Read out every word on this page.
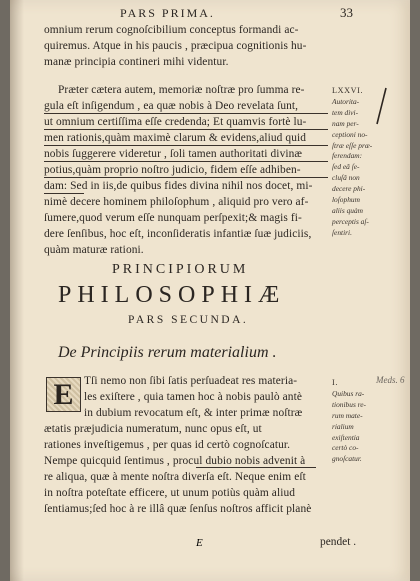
PARS PRIMA.	33
omnium rerum cognoſcibilium conceptus formandi ac-
quiremus. Atque in his paucis , præcipua cognitionis hu-
manæ principia contineri mihi videntur.
Præter cætera autem, memoriæ noſtræ pro ſumma re-
gula eſt inſigendum , ea quæ nobis à Deo revelata ſunt,
ut omnium certiſſima eſſe credenda; Et quamvis fortè lu-
men rationis,quàm maximè clarum & evidens,aliud quid
nobis ſuggerere videretur , ſoli tamen authoritati divinæ
potius,quàm proprio noſtro judicio, fidem eſſe adhiben-
dam: Sed in iis,de quibus fides divina nihil nos docet, mi-
nimè decere hominem philoſophum , aliquid pro vero af-
ſumere,quod verum eſſe nunquam perſpexit;& magis fi-
dere ſenſibus, hoc eſt, inconſideratis infantiæ ſuæ judiciis,
quàm maturæ rationi.
LXXVI.
Autorita-
tem divi-
nam per-
ceptioni no-
ſtræ eſſe præ-
ferendam:
ſed eâ ſe-
cluſâ non
decere phi-
loſophum
aliis quàm
perceptis aſ-
ſentiri.
PRINCIPIORUM
PHILOSOPHIÆ
PARS SECUNDA.
De Principiis rerum materialium .
E Tſi nemo non ſibi ſatis perſuadeat res materia-
les exiſtere , quia tamen hoc à nobis paulò antè
in dubium revocatum eſt, & inter primæ noſtræ
ætatis præjudicia numeratum, nunc opus eſt, ut
rationes inveſtigemus , per quas id certò cognoſcatur.
Nempe quicquid ſentimus , procul dubio nobis advenit à
re aliqua, quæ à mente noſtra diverſa eſt. Neque enim eſt
in noſtra poteſtate efficere, ut unum potiùs quàm aliud
ſentiamus;ſed hoc à re illâ quæ ſenſus noſtros afficit planè
I.
Quibus ra-
tionibus re-
rum mate-
rialium
exiſtentia
certò co-
gnoſcatur.
Meds. 6
E	pendet .
